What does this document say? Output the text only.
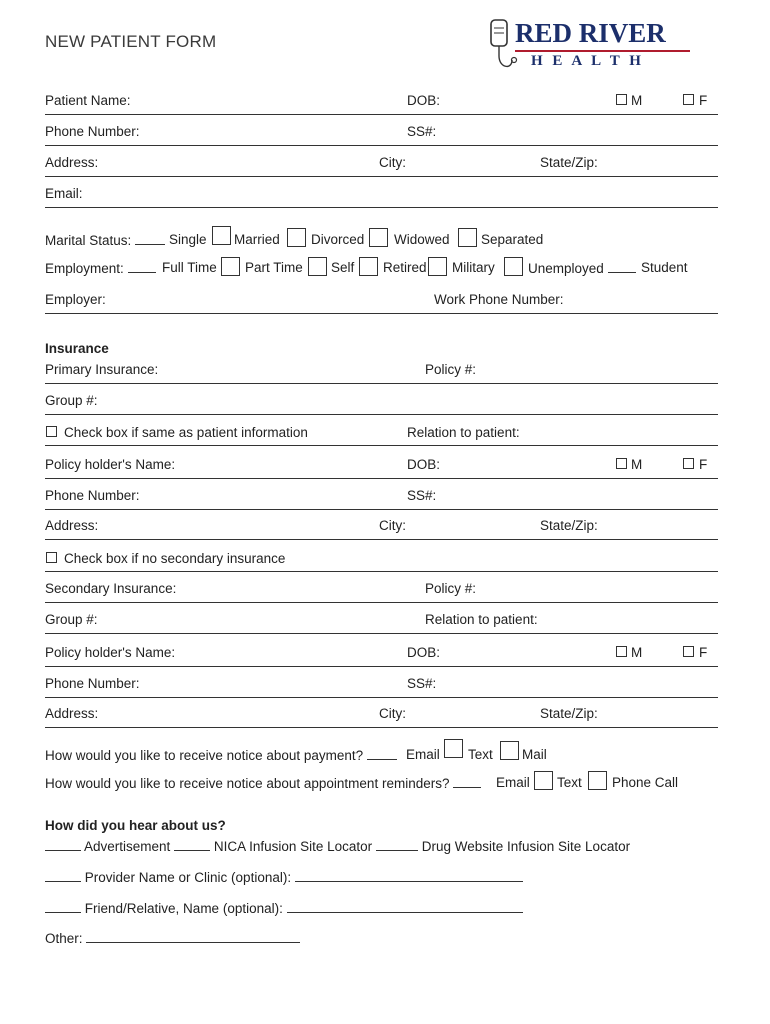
NEW PATIENT FORM	RED RIVER
H E A L T H
Patient Name:	DOB:	M	F
Phone Number:	SS#:
Address:	City:	State/Zip:
Email:
Marital Status:	Single Married Divorced Widowed Separated
Employment:	Full Time Part Time Self Retired Military Unemployed	Student
Employer:	Work Phone Number:
Insurance
Primary Insurance:	Policy #:
Group #:
Check box if same as patient information	Relation to patient:
Policy holder's Name:	DOB:	M	F
Phone Number:	SS#:
Address:	City:	State/Zip:
Check box if no secondary insurance
Secondary Insurance:	Policy #:
Group #:	Relation to patient:
Policy holder's Name:	DOB:	M	F
Phone Number:	SS#:
Address:	City:	State/Zip:
How would you like to receive notice about payment?	Email Text Mail
How would you like to receive notice about appointment reminders?	Email Text Phone Call
How did you hear about us?
Advertisement	NICA Infusion Site Locator	Drug Website Infusion Site Locator
Provider Name or Clinic (optional):
Friend/Relative, Name (optional):
Other:
